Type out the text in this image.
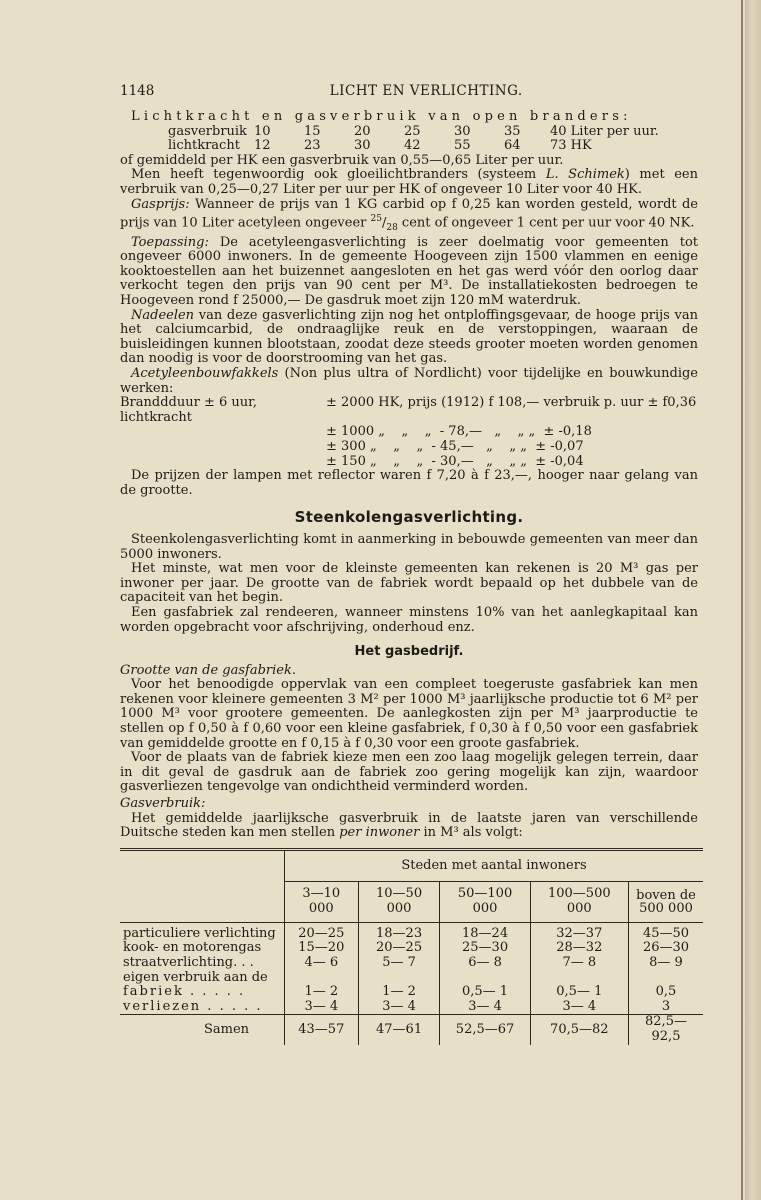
1148	LICHT EN VERLICHTING.

Lichtkracht en gasverbruik van open branders:

gasverbruik 10	15	20	25	30	35	40 Liter per uur.
lichtkracht	12	23	30	42	55	64	73 HK

of gemiddeld per HK een gasverbruik van 0,55—0,65 Liter per uur.

Men heeft tegenwoordig ook gloeilichtbranders (systeem L. Schimek) met een verbruik van 0,25—0,27 Liter per uur per HK of ongeveer 10 Liter voor 40 HK.

Gasprijs: Wanneer de prijs van 1 KG carbid op f 0,25 kan worden gesteld, wordt de prijs van 10 Liter acetyleen ongeveer $^{25}/_{28}$ cent of ongeveer 1 cent per uur voor 40 NK.

Toepassing: De acetyleengasverlichting is zeer doelmatig voor gemeenten tot ongeveer 6000 inwoners. In de gemeente Hoogeveen zijn 1500 vlammen en eenige kooktoestellen aan het buizennet aangesloten en het gas werd vóór den oorlog daar verkocht tegen den prijs van 90 cent per M³. De installatiekosten bedroegen te Hoogeveen rond f 25000,— De gasdruk moet zijn 120 mM waterdruk.

Nadeelen van deze gasverlichting zijn nog het ontploffingsgevaar, de hooge prijs van het calciumcarbid, de ondraaglijke reuk en de verstoppingen, waaraan de buisleidingen kunnen blootstaan, zoodat deze steeds grooter moeten worden genomen dan noodig is voor de doorstrooming van het gas.

Acetyleenbouwfakkels (Non plus ultra of Nordlicht) voor tijdelijke en bouwkundige werken:

Branddduur ± 6 uur, lichtkracht
± 2000 HK, prijs (1912) f 108,— verbruik p. uur ± f0,36
± 1000 „    „    „  - 78,—   „    „ „  ± -0,18
± 300 „    „    „  - 45,—   „    „ „  ± -0,07
± 150 „    „    „  - 30,—   „    „ „  ± -0,04

De prijzen der lampen met reflector waren f 7,20 à f 23,—, hooger naar gelang van de grootte.

Steenkolengasverlichting.

Steenkolengasverlichting komt in aanmerking in bebouwde gemeenten van meer dan 5000 inwoners.

Het minste, wat men voor de kleinste gemeenten kan rekenen is 20 M³ gas per inwoner per jaar. De grootte van de fabriek wordt bepaald op het dubbele van de capaciteit van het begin.

Een gasfabriek zal rendeeren, wanneer minstens 10% van het aanlegkapitaal kan worden opgebracht voor afschrijving, onderhoud enz.

Het gasbedrijf.

Grootte van de gasfabriek.

Voor het benoodigde oppervlak van een compleet toegeruste gasfabriek kan men rekenen voor kleinere gemeenten 3 M² per 1000 M³ jaarlijksche productie tot 6 M² per 1000 M³ voor grootere gemeenten. De aanlegkosten zijn per M³ jaarproductie te stellen op f 0,50 à f 0,60 voor een kleine gasfabriek, f 0,30 à f 0,50 voor een gasfabriek van gemiddelde grootte en f 0,15 à f 0,30 voor een groote gasfabriek.

Voor de plaats van de fabriek kieze men een zoo laag mogelijk gelegen terrein, daar in dit geval de gasdruk aan de fabriek zoo gering mogelijk kan zijn, waardoor gasverliezen tengevolge van ondichtheid verminderd worden.

Gasverbruik:

Het gemiddelde jaarlijksche gasverbruik in de laatste jaren van verschillende Duitsche steden kan men stellen per inwoner in M³ als volgt:

	Steden met aantal inwoners				
	3—10 000	10—50 000	50—100 000	100—500 000	boven de 500 000
particuliere verlichting	20—25	18—23	18—24	32—37	45—50
kook- en motorengas	15—20	20—25	25—30	28—32	26—30
straatverlichting. . .	4— 6	5— 7	6— 8	7— 8	8— 9
eigen verbruik aan de					
fabriek . . . . .	1— 2	1— 2	0,5— 1	0,5— 1	0,5
verliezen . . . . .	3— 4	3— 4	3— 4	3— 4	3
Samen	43—57	47—61	52,5—67	70,5—82	82,5—92,5
